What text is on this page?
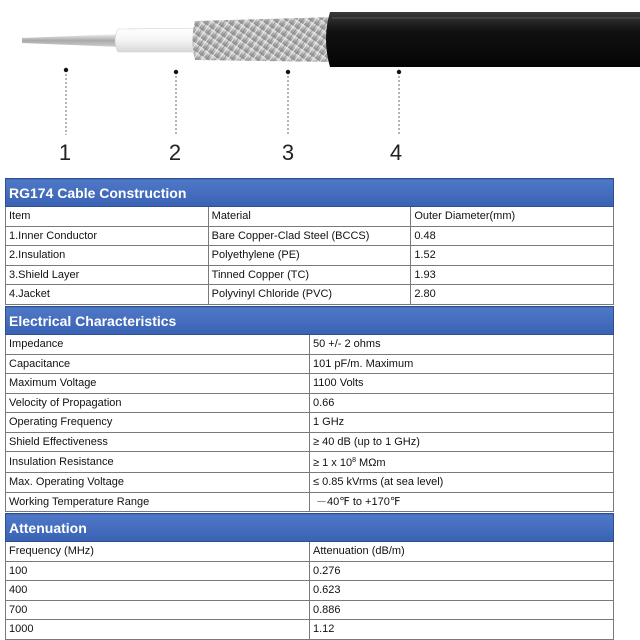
1	2	3	4
RG174 Cable Construction		
Item	Material	Outer Diameter(mm)
1.Inner Conductor	Bare Copper-Clad Steel (BCCS)	0.48
2.Insulation	Polyethylene (PE)	1.52
3.Shield Layer	Tinned Copper (TC)	1.93
4.Jacket	Polyvinyl Chloride (PVC)	2.80
Electrical Characteristics	
Impedance	50 +/- 2 ohms
Capacitance	101 pF/m. Maximum
Maximum Voltage	1100 Volts
Velocity of Propagation	0.66
Operating Frequency	1 GHz
Shield Effectiveness	≥ 40 dB (up to 1 GHz)
Insulation Resistance	≥ 1 x $10^8$ MΩm
Max. Operating Voltage	≤ 0.85 kVrms (at sea level)
Working Temperature Range	－40℉ to +170℉
Attenuation	
Frequency (MHz)	Attenuation (dB/m)
100	0.276
400	0.623
700	0.886
1000	1.12
